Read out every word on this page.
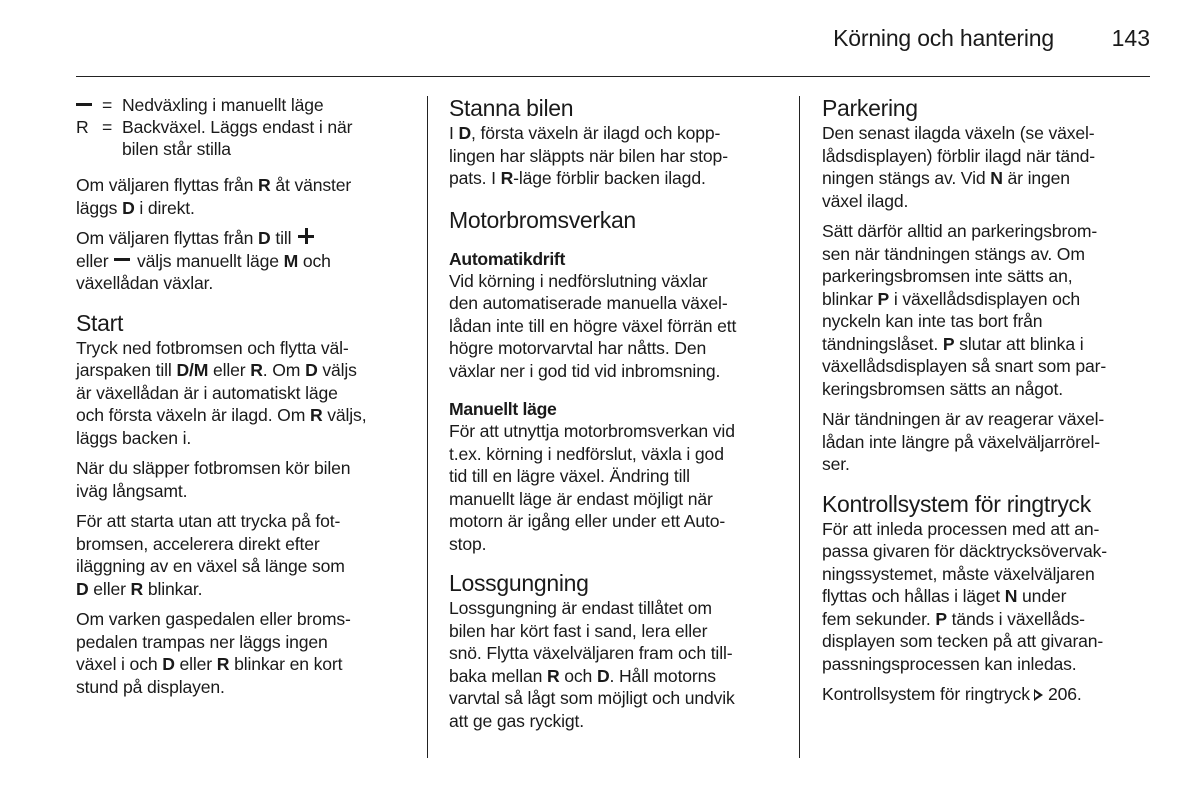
Körning och hantering	143
= Nedväxling i manuellt läge
R = Backväxel. Läggs endast i när
bilen står stilla

Om väljaren flyttas från R åt vänster
läggs D i direkt.

Om väljaren flyttas från D till
eller  väljs manuellt läge M och
växellådan växlar.

Start

Tryck ned fotbromsen och flytta väl-
jarspaken till D/M eller R. Om D väljs
är växellådan är i automatiskt läge
och första växeln är ilagd. Om R väljs,
läggs backen i.

När du släpper fotbromsen kör bilen
iväg långsamt.

För att starta utan att trycka på fot-
bromsen, accelerera direkt efter
iläggning av en växel så länge som
D eller R blinkar.

Om varken gaspedalen eller broms-
pedalen trampas ner läggs ingen
växel i och D eller R blinkar en kort
stund på displayen.

Stanna bilen

I D, första växeln är ilagd och kopp-
lingen har släppts när bilen har stop-
pats. I R-läge förblir backen ilagd.

Motorbromsverkan
Automatikdrift

Vid körning i nedförslutning växlar
den automatiserade manuella växel-
lådan inte till en högre växel förrän ett
högre motorvarvtal har nåtts. Den
växlar ner i god tid vid inbromsning.

Manuellt läge

För att utnyttja motorbromsverkan vid
t.ex. körning i nedförslut, växla i god
tid till en lägre växel. Ändring till
manuellt läge är endast möjligt när
motorn är igång eller under ett Auto-
stop.

Lossgungning

Lossgungning är endast tillåtet om
bilen har kört fast i sand, lera eller
snö. Flytta växelväljaren fram och till-
baka mellan R och D. Håll motorns
varvtal så lågt som möjligt och undvik
att ge gas ryckigt.

Parkering

Den senast ilagda växeln (se växel-
lådsdisplayen) förblir ilagd när tänd-
ningen stängs av. Vid N är ingen
växel ilagd.

Sätt därför alltid an parkeringsbrom-
sen när tändningen stängs av. Om
parkeringsbromsen inte sätts an,
blinkar P i växellådsdisplayen och
nyckeln kan inte tas bort från
tändningslåset. P slutar att blinka i
växellådsdisplayen så snart som par-
keringsbromsen sätts an något.

När tändningen är av reagerar växel-
lådan inte längre på växelväljarrörel-
ser.

Kontrollsystem för ringtryck

För att inleda processen med att an-
passa givaren för däcktrycksövervak-
ningssystemet, måste växelväljaren
flyttas och hållas i läget N under
fem sekunder. P tänds i växellåds-
displayen som tecken på att givaran-
passningsprocessen kan inledas.

Kontrollsystem för ringtryck 206.
